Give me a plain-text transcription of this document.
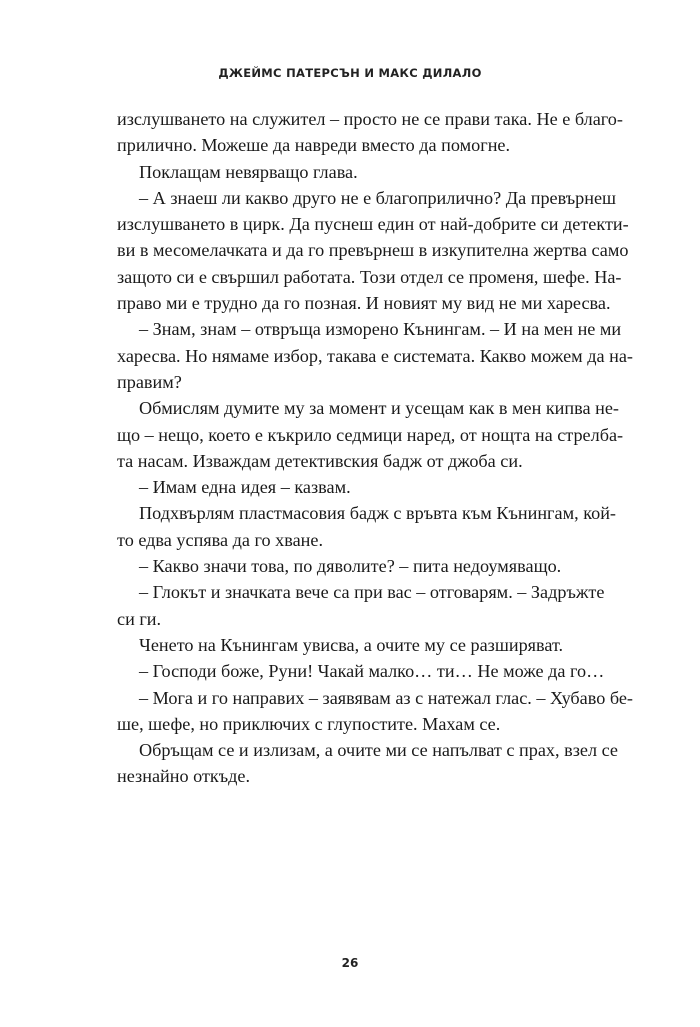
ДЖЕЙМС ПАТЕРСЪН И МАКС ДИЛАЛО
изслушването на служител – просто не се прави така. Не е благо-
прилично. Можеше да навреди вместо да помогне.
Поклащам невярващо глава.
– А знаеш ли какво друго не е благоприлично? Да превърнеш
изслушването в цирк. Да пуснеш един от най-добрите си детекти-
ви в месомелачката и да го превърнеш в изкупителна жертва само
защото си е свършил работата. Този отдел се променя, шефе. На-
право ми е трудно да го позная. И новият му вид не ми харесва.
– Знам, знам – отвръща изморено Кънингам. – И на мен не ми
харесва. Но нямаме избор, такава е системата. Какво можем да на-
правим?
Обмислям думите му за момент и усещам как в мен кипва не-
що – нещо, което е къкрило седмици наред, от нощта на стрелба-
та насам. Изваждам детективския бадж от джоба си.
– Имам една идея – казвам.
Подхвърлям пластмасовия бадж с връвта към Кънингам, кой-
то едва успява да го хване.
– Какво значи това, по дяволите? – пита недоумяващо.
– Глокът и значката вече са при вас – отговарям. – Задръжте
си ги.
Ченето на Кънингам увисва, а очите му се разширяват.
– Господи боже, Руни! Чакай малко… ти… Не може да го…
– Мога и го направих – заявявам аз с натежал глас. – Хубаво бе-
ше, шефе, но приключих с глупостите. Махам се.
Обръщам се и излизам, а очите ми се напълват с прах, взел се
незнайно откъде.
26
